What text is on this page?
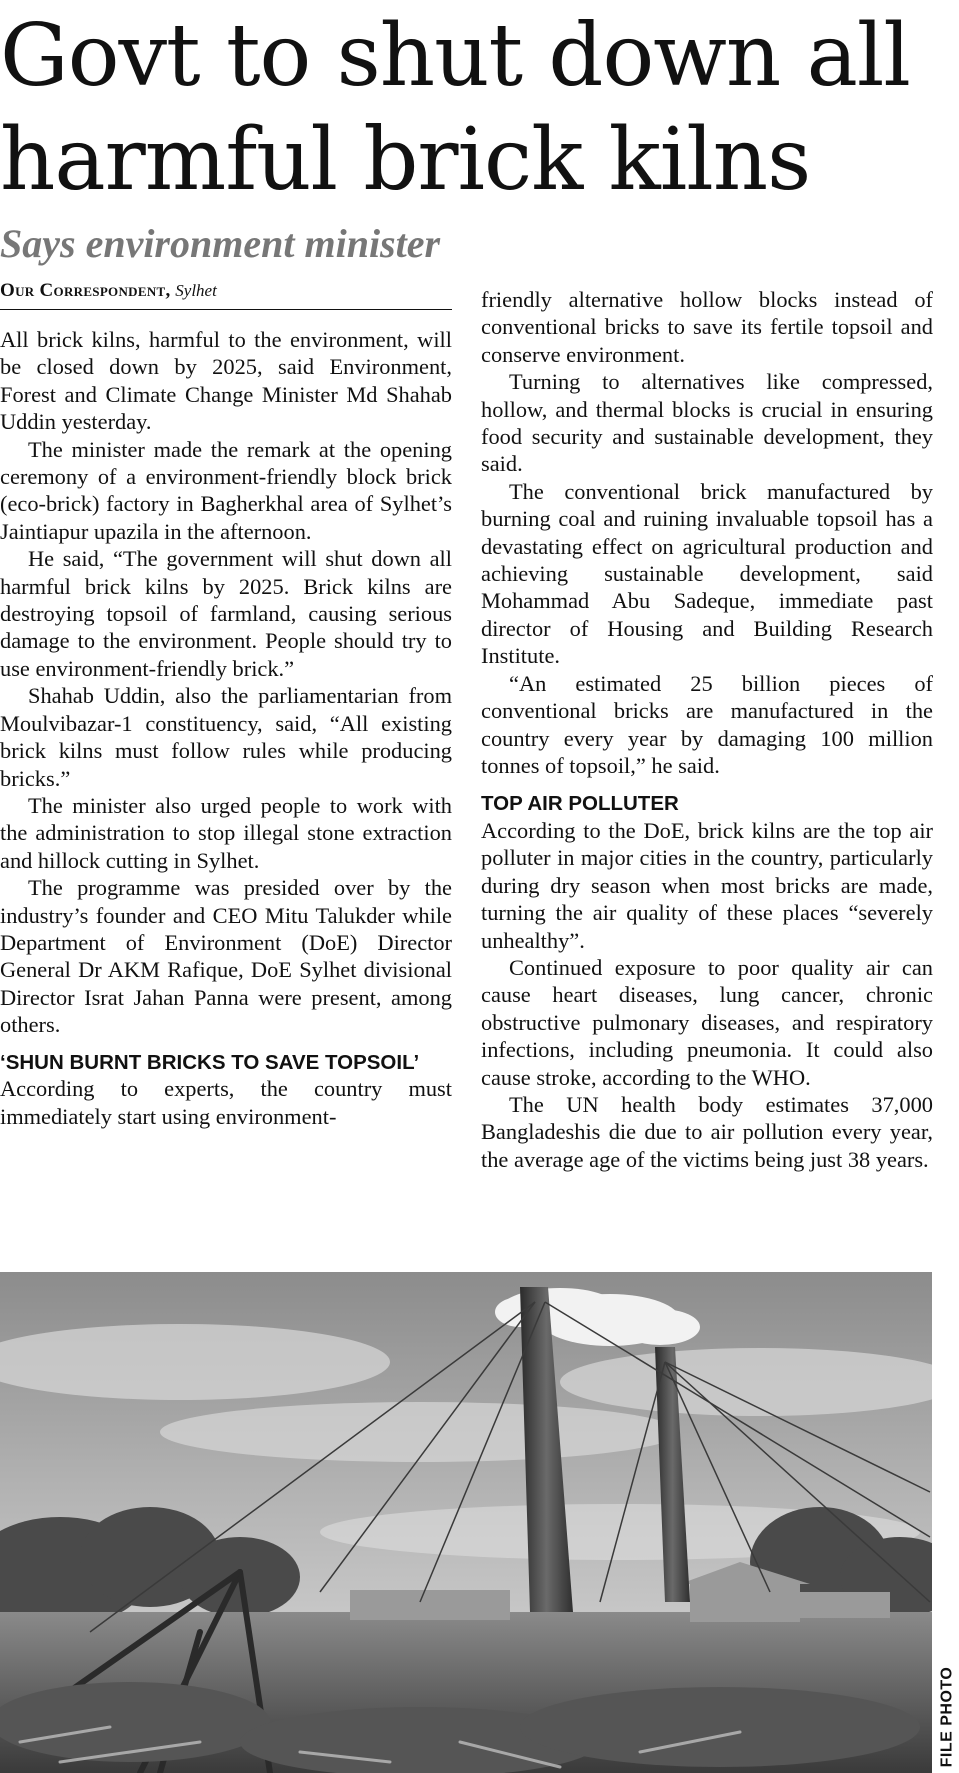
Govt to shut down all harmful brick kilns
Says environment minister
Our Correspondent, Sylhet

All brick kilns, harmful to the environment, will be closed down by 2025, said Environment, Forest and Climate Change Minister Md Shahab Uddin yesterday.

The minister made the remark at the opening ceremony of a environment-friendly block brick (eco-brick) factory in Bagherkhal area of Sylhet’s Jaintiapur upazila in the afternoon.

He said, “The government will shut down all harmful brick kilns by 2025. Brick kilns are destroying topsoil of farmland, causing serious damage to the environment. People should try to use environment-friendly brick.”

Shahab Uddin, also the parliamentarian from Moulvibazar-1 constituency, said, “All existing brick kilns must follow rules while producing bricks.”

The minister also urged people to work with the administration to stop illegal stone extraction and hillock cutting in Sylhet.

The programme was presided over by the industry’s founder and CEO Mitu Talukder while Department of Environment (DoE) Director General Dr AKM Rafique, DoE Sylhet divisional Director Israt Jahan Panna were present, among others.

‘SHUN BURNT BRICKS TO SAVE TOPSOIL’

According to experts, the country must immediately start using environment-

friendly alternative hollow blocks instead of conventional bricks to save its fertile topsoil and conserve environment.

Turning to alternatives like compressed, hollow, and thermal blocks is crucial in ensuring food security and sustainable development, they said.

The conventional brick manufactured by burning coal and ruining invaluable topsoil has a devastating effect on agricultural production and achieving sustainable development, said Mohammad Abu Sadeque, immediate past director of Housing and Building Research Institute.

“An estimated 25 billion pieces of conventional bricks are manufactured in the country every year by damaging 100 million tonnes of topsoil,” he said.

TOP AIR POLLUTER

According to the DoE, brick kilns are the top air polluter in major cities in the country, particularly during dry season when most bricks are made, turning the air quality of these places “severely unhealthy”.

Continued exposure to poor quality air can cause heart diseases, lung cancer, chronic obstructive pulmonary diseases, and respiratory infections, including pneumonia. It could also cause stroke, according to the WHO.

The UN health body estimates 37,000 Bangladeshis die due to air pollution every year, the average age of the victims being just 38 years.

FILE PHOTO
